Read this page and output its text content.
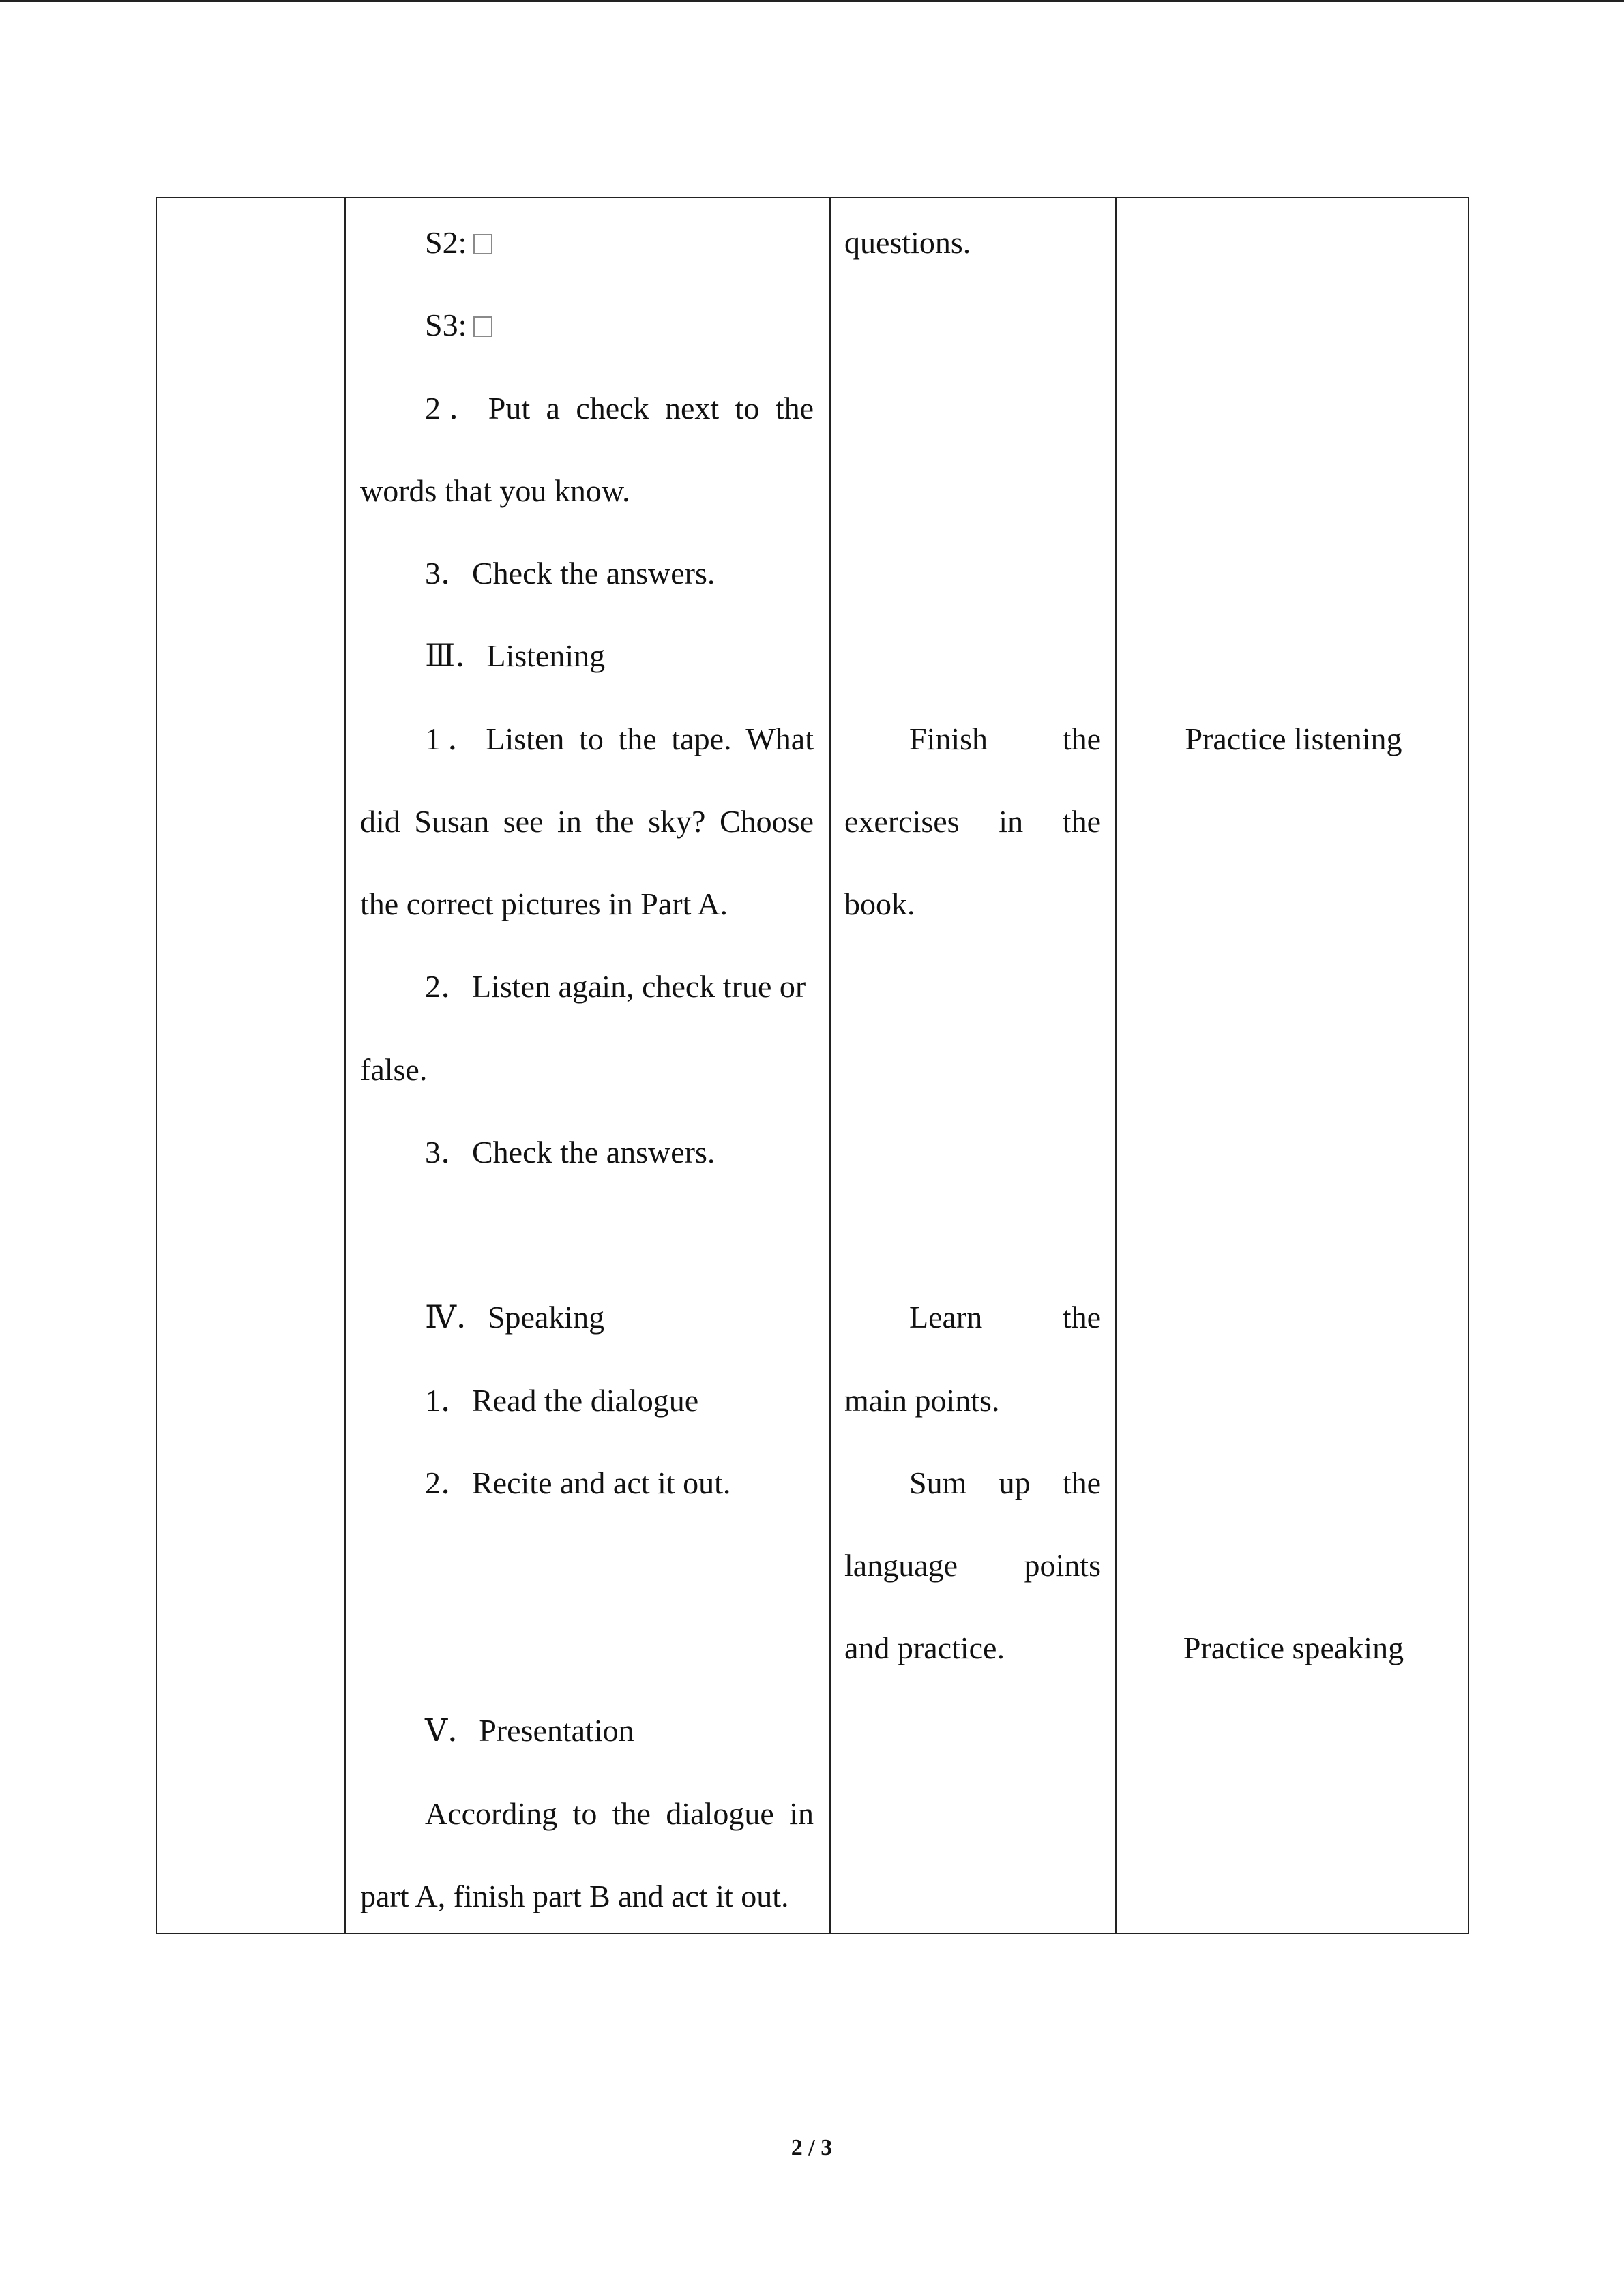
S2:
S3:
2．Put a check next to the
words that you know.
3．Check the answers.
Ⅲ．Listening
1．Listen to the tape. What
did Susan see in the sky? Choose
the correct pictures in Part A.
2．Listen again, check true or
false.
3．Check the answers.
Ⅳ．Speaking
1．Read the dialogue
2．Recite and act it out.
Ⅴ．Presentation
According to the dialogue in
part A, finish part B and act it out.
questions.
Finish the
exercises in the
book.
Learn the
main points.
Sum up the
language points
and practice.
Practice listening
Practice speaking
2 / 3
